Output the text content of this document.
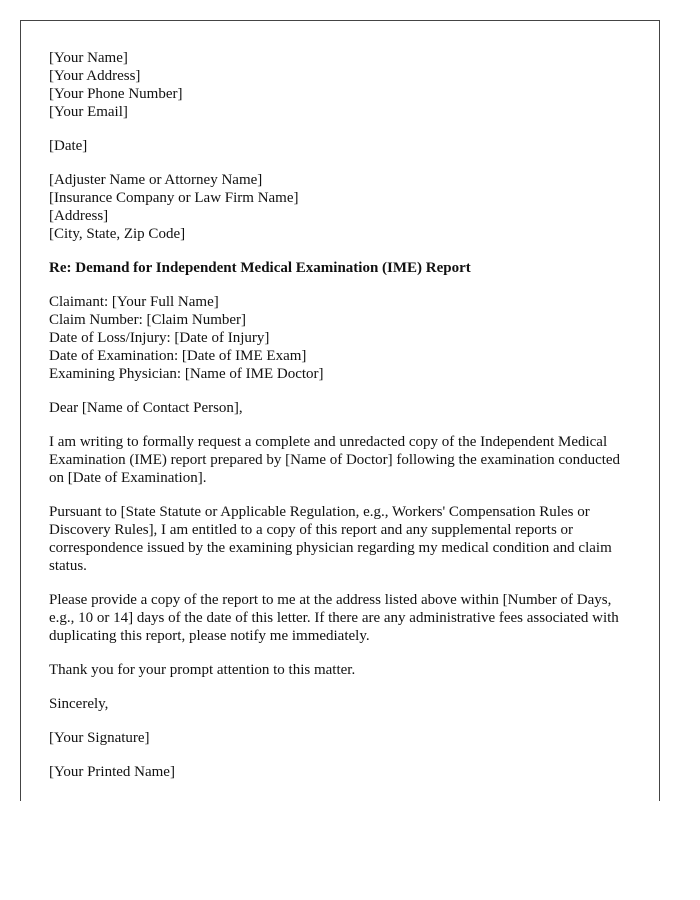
[Your Name]
[Your Address]
[Your Phone Number]
[Your Email]
[Date]
[Adjuster Name or Attorney Name]
[Insurance Company or Law Firm Name]
[Address]
[City, State, Zip Code]
Re: Demand for Independent Medical Examination (IME) Report
Claimant: [Your Full Name]
Claim Number: [Claim Number]
Date of Loss/Injury: [Date of Injury]
Date of Examination: [Date of IME Exam]
Examining Physician: [Name of IME Doctor]
Dear [Name of Contact Person],
I am writing to formally request a complete and unredacted copy of the Independent Medical Examination (IME) report prepared by [Name of Doctor] following the examination conducted on [Date of Examination].
Pursuant to [State Statute or Applicable Regulation, e.g., Workers' Compensation Rules or Discovery Rules], I am entitled to a copy of this report and any supplemental reports or correspondence issued by the examining physician regarding my medical condition and claim status.
Please provide a copy of the report to me at the address listed above within [Number of Days, e.g., 10 or 14] days of the date of this letter. If there are any administrative fees associated with duplicating this report, please notify me immediately.
Thank you for your prompt attention to this matter.
Sincerely,
[Your Signature]
[Your Printed Name]
